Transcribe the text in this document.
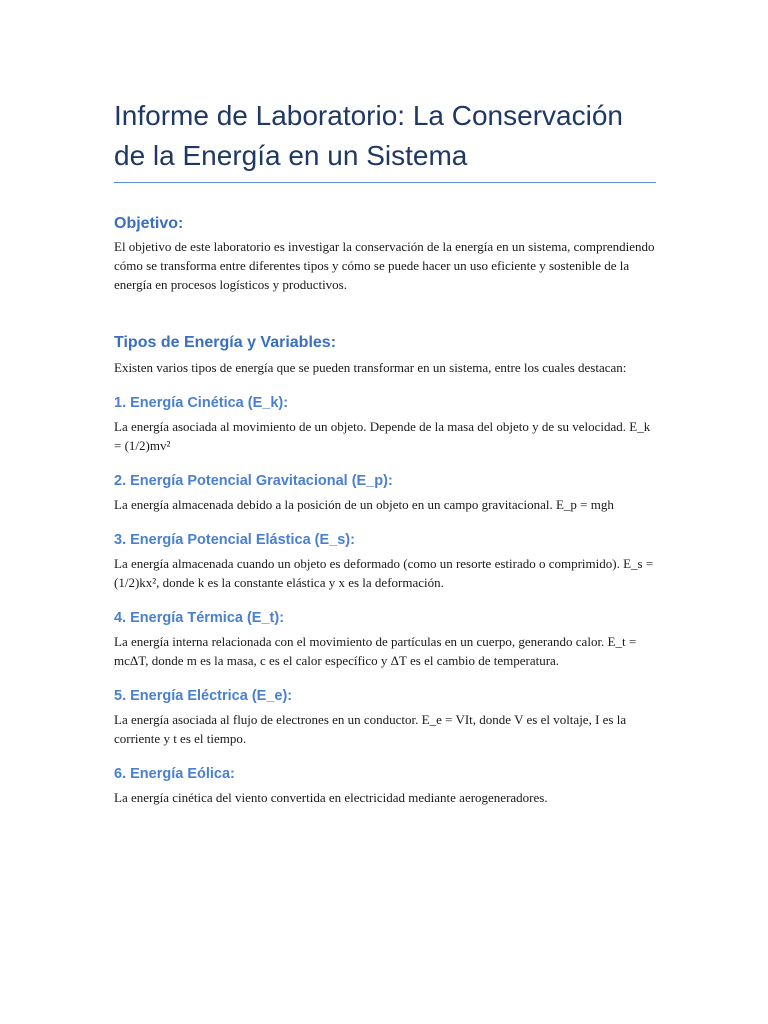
Informe de Laboratorio: La Conservación de la Energía en un Sistema
Objetivo:

El objetivo de este laboratorio es investigar la conservación de la energía en un sistema, comprendiendo cómo se transforma entre diferentes tipos y cómo se puede hacer un uso eficiente y sostenible de la energía en procesos logísticos y productivos.

Tipos de Energía y Variables:

Existen varios tipos de energía que se pueden transformar en un sistema, entre los cuales destacan:

1. Energía Cinética (E_k):

La energía asociada al movimiento de un objeto. Depende de la masa del objeto y de su velocidad. E_k = (1/2)mv²

2. Energía Potencial Gravitacional (E_p):

La energía almacenada debido a la posición de un objeto en un campo gravitacional. E_p = mgh

3. Energía Potencial Elástica (E_s):

La energía almacenada cuando un objeto es deformado (como un resorte estirado o comprimido). E_s = (1/2)kx², donde k es la constante elástica y x es la deformación.

4. Energía Térmica (E_t):

La energía interna relacionada con el movimiento de partículas en un cuerpo, generando calor. E_t = mcΔT, donde m es la masa, c es el calor específico y ΔT es el cambio de temperatura.

5. Energía Eléctrica (E_e):

La energía asociada al flujo de electrones en un conductor. E_e = VIt, donde V es el voltaje, I es la corriente y t es el tiempo.

6. Energía Eólica:

La energía cinética del viento convertida en electricidad mediante aerogeneradores.
